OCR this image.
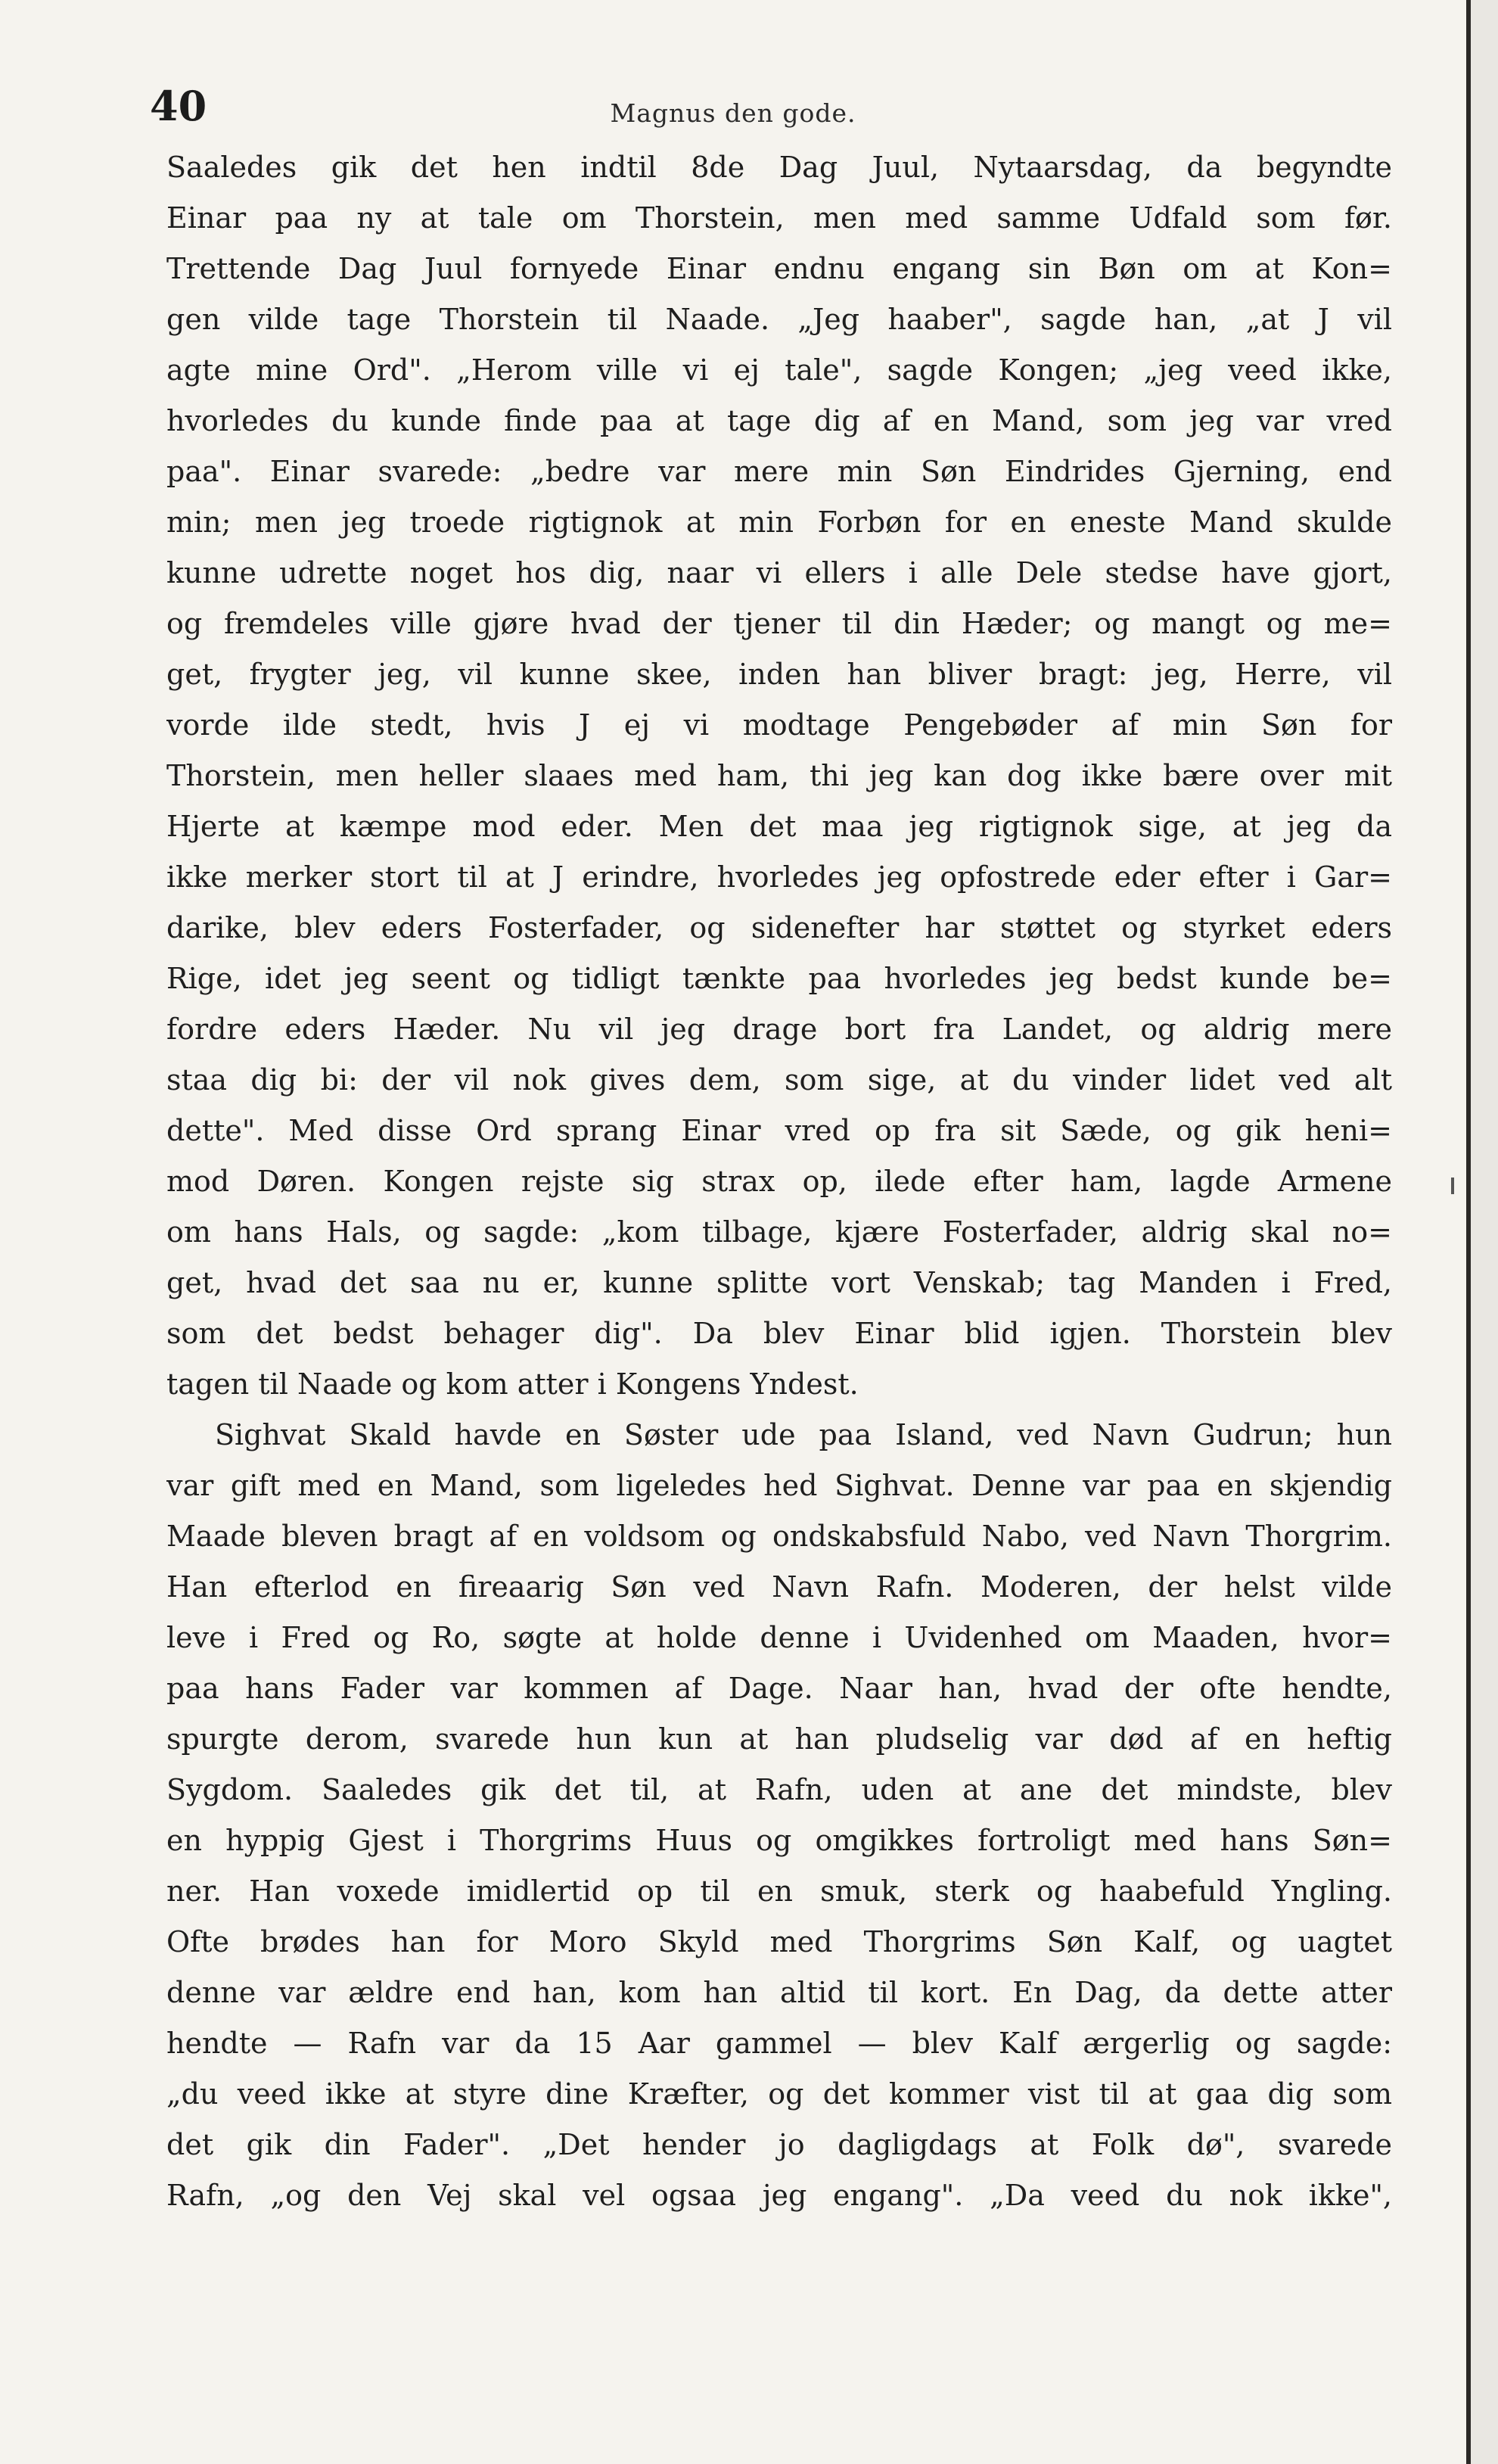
40	Magnus den gode.
Saaledes gik det hen indtil 8de Dag Juul, Nytaarsdag, da begyndte
Einar paa ny at tale om Thorstein, men med samme Udfald som før.
Trettende Dag Juul fornyede Einar endnu engang sin Bøn om at Kon=
gen vilde tage Thorstein til Naade. „Jeg haaber", sagde han, „at J vil
agte mine Ord". „Herom ville vi ej tale", sagde Kongen; „jeg veed ikke,
hvorledes du kunde finde paa at tage dig af en Mand, som jeg var vred
paa". Einar svarede: „bedre var mere min Søn Eindrides Gjerning, end
min; men jeg troede rigtignok at min Forbøn for en eneste Mand skulde
kunne udrette noget hos dig, naar vi ellers i alle Dele stedse have gjort,
og fremdeles ville gjøre hvad der tjener til din Hæder; og mangt og me=
get, frygter jeg, vil kunne skee, inden han bliver bragt: jeg, Herre, vil
vorde ilde stedt, hvis J ej vi modtage Pengebøder af min Søn for
Thorstein, men heller slaaes med ham, thi jeg kan dog ikke bære over mit
Hjerte at kæmpe mod eder. Men det maa jeg rigtignok sige, at jeg da
ikke merker stort til at J erindre, hvorledes jeg opfostrede eder efter i Gar=
darike, blev eders Fosterfader, og sidenefter har støttet og styrket eders
Rige, idet jeg seent og tidligt tænkte paa hvorledes jeg bedst kunde be=
fordre eders Hæder. Nu vil jeg drage bort fra Landet, og aldrig mere
staa dig bi: der vil nok gives dem, som sige, at du vinder lidet ved alt
dette". Med disse Ord sprang Einar vred op fra sit Sæde, og gik heni=
mod Døren. Kongen rejste sig strax op, ilede efter ham, lagde Armene
om hans Hals, og sagde: „kom tilbage, kjære Fosterfader, aldrig skal no=
get, hvad det saa nu er, kunne splitte vort Venskab; tag Manden i Fred,
som det bedst behager dig". Da blev Einar blid igjen. Thorstein blev
tagen til Naade og kom atter i Kongens Yndest.
Sighvat Skald havde en Søster ude paa Island, ved Navn Gudrun; hun
var gift med en Mand, som ligeledes hed Sighvat. Denne var paa en skjendig
Maade bleven bragt af en voldsom og ondskabsfuld Nabo, ved Navn Thorgrim.
Han efterlod en fireaarig Søn ved Navn Rafn. Moderen, der helst vilde
leve i Fred og Ro, søgte at holde denne i Uvidenhed om Maaden, hvor=
paa hans Fader var kommen af Dage. Naar han, hvad der ofte hendte,
spurgte derom, svarede hun kun at han pludselig var død af en heftig
Sygdom. Saaledes gik det til, at Rafn, uden at ane det mindste, blev
en hyppig Gjest i Thorgrims Huus og omgikkes fortroligt med hans Søn=
ner. Han voxede imidlertid op til en smuk, sterk og haabefuld Yngling.
Ofte brødes han for Moro Skyld med Thorgrims Søn Kalf, og uagtet
denne var ældre end han, kom han altid til kort. En Dag, da dette atter
hendte — Rafn var da 15 Aar gammel — blev Kalf ærgerlig og sagde:
„du veed ikke at styre dine Kræfter, og det kommer vist til at gaa dig som
det gik din Fader". „Det hender jo dagligdags at Folk dø", svarede
Rafn, „og den Vej skal vel ogsaa jeg engang". „Da veed du nok ikke",
